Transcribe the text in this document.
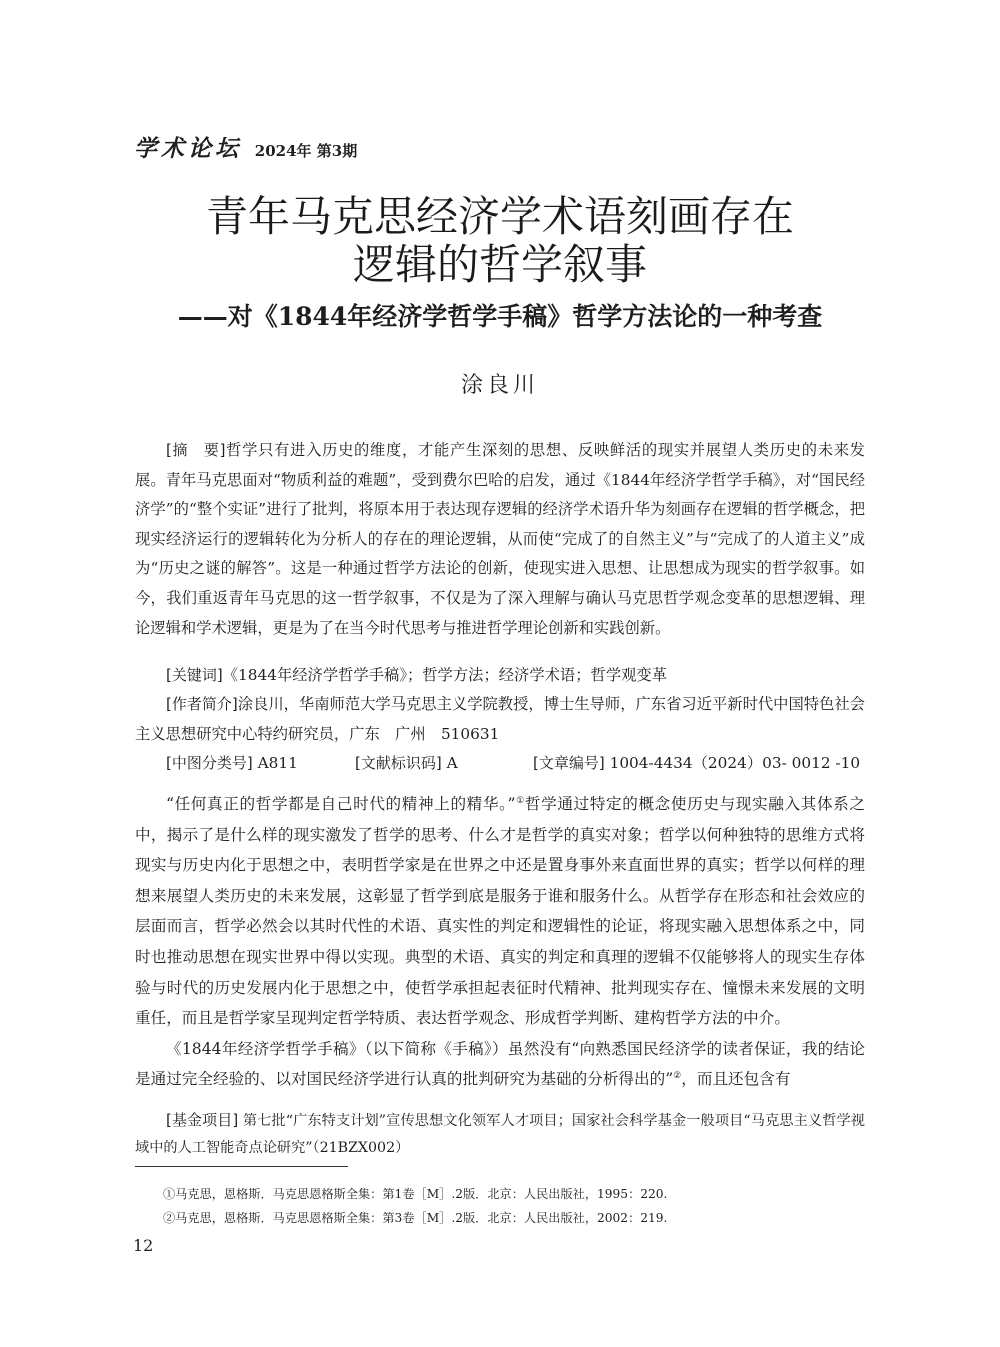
学术论坛 2024年 第3期
青年马克思经济学术语刻画存在
逻辑的哲学叙事
——对《1844年经济学哲学手稿》哲学方法论的一种考查
涂良川

[摘　要]哲学只有进入历史的维度，才能产生深刻的思想、反映鲜活的现实并展望人类历史的未来发展。青年马克思面对“物质利益的难题”，受到费尔巴哈的启发，通过《1844年经济学哲学手稿》，对“国民经济学”的“整个实证”进行了批判，将原本用于表达现存逻辑的经济学术语升华为刻画存在逻辑的哲学概念，把现实经济运行的逻辑转化为分析人的存在的理论逻辑，从而使“完成了的自然主义”与“完成了的人道主义”成为“历史之谜的解答”。这是一种通过哲学方法论的创新，使现实进入思想、让思想成为现实的哲学叙事。如今，我们重返青年马克思的这一哲学叙事，不仅是为了深入理解与确认马克思哲学观念变革的思想逻辑、理论逻辑和学术逻辑，更是为了在当今时代思考与推进哲学理论创新和实践创新。

[关键词]《1844年经济学哲学手稿》；哲学方法；经济学术语；哲学观变革

[作者简介]涂良川，华南师范大学马克思主义学院教授，博士生导师，广东省习近平新时代中国特色社会主义思想研究中心特约研究员，广东　广州　510631

[中图分类号] A811	[文献标识码] A	[文章编号] 1004-4434（2024）03- 0012 -10

“任何真正的哲学都是自己时代的精神上的精华。”①哲学通过特定的概念使历史与现实融入其体系之中，揭示了是什么样的现实激发了哲学的思考、什么才是哲学的真实对象；哲学以何种独特的思维方式将现实与历史内化于思想之中，表明哲学家是在世界之中还是置身事外来直面世界的真实；哲学以何样的理想来展望人类历史的未来发展，这彰显了哲学到底是服务于谁和服务什么。从哲学存在形态和社会效应的层面而言，哲学必然会以其时代性的术语、真实性的判定和逻辑性的论证，将现实融入思想体系之中，同时也推动思想在现实世界中得以实现。典型的术语、真实的判定和真理的逻辑不仅能够将人的现实生存体验与时代的历史发展内化于思想之中，使哲学承担起表征时代精神、批判现实存在、憧憬未来发展的文明重任，而且是哲学家呈现判定哲学特质、表达哲学观念、形成哲学判断、建构哲学方法的中介。

《1844年经济学哲学手稿》（以下简称《手稿》）虽然没有“向熟悉国民经济学的读者保证，我的结论是通过完全经验的、以对国民经济学进行认真的批判研究为基础的分析得出的”②，而且还包含有

[基金项目] 第七批“广东特支计划”宣传思想文化领军人才项目；国家社会科学基金一般项目“马克思主义哲学视域中的人工智能奇点论研究”（21BZX002）

①马克思，恩格斯．马克思恩格斯全集：第1卷［M］.2版．北京：人民出版社，1995：220.
②马克思，恩格斯．马克思恩格斯全集：第3卷［M］.2版．北京：人民出版社，2002：219.
12
